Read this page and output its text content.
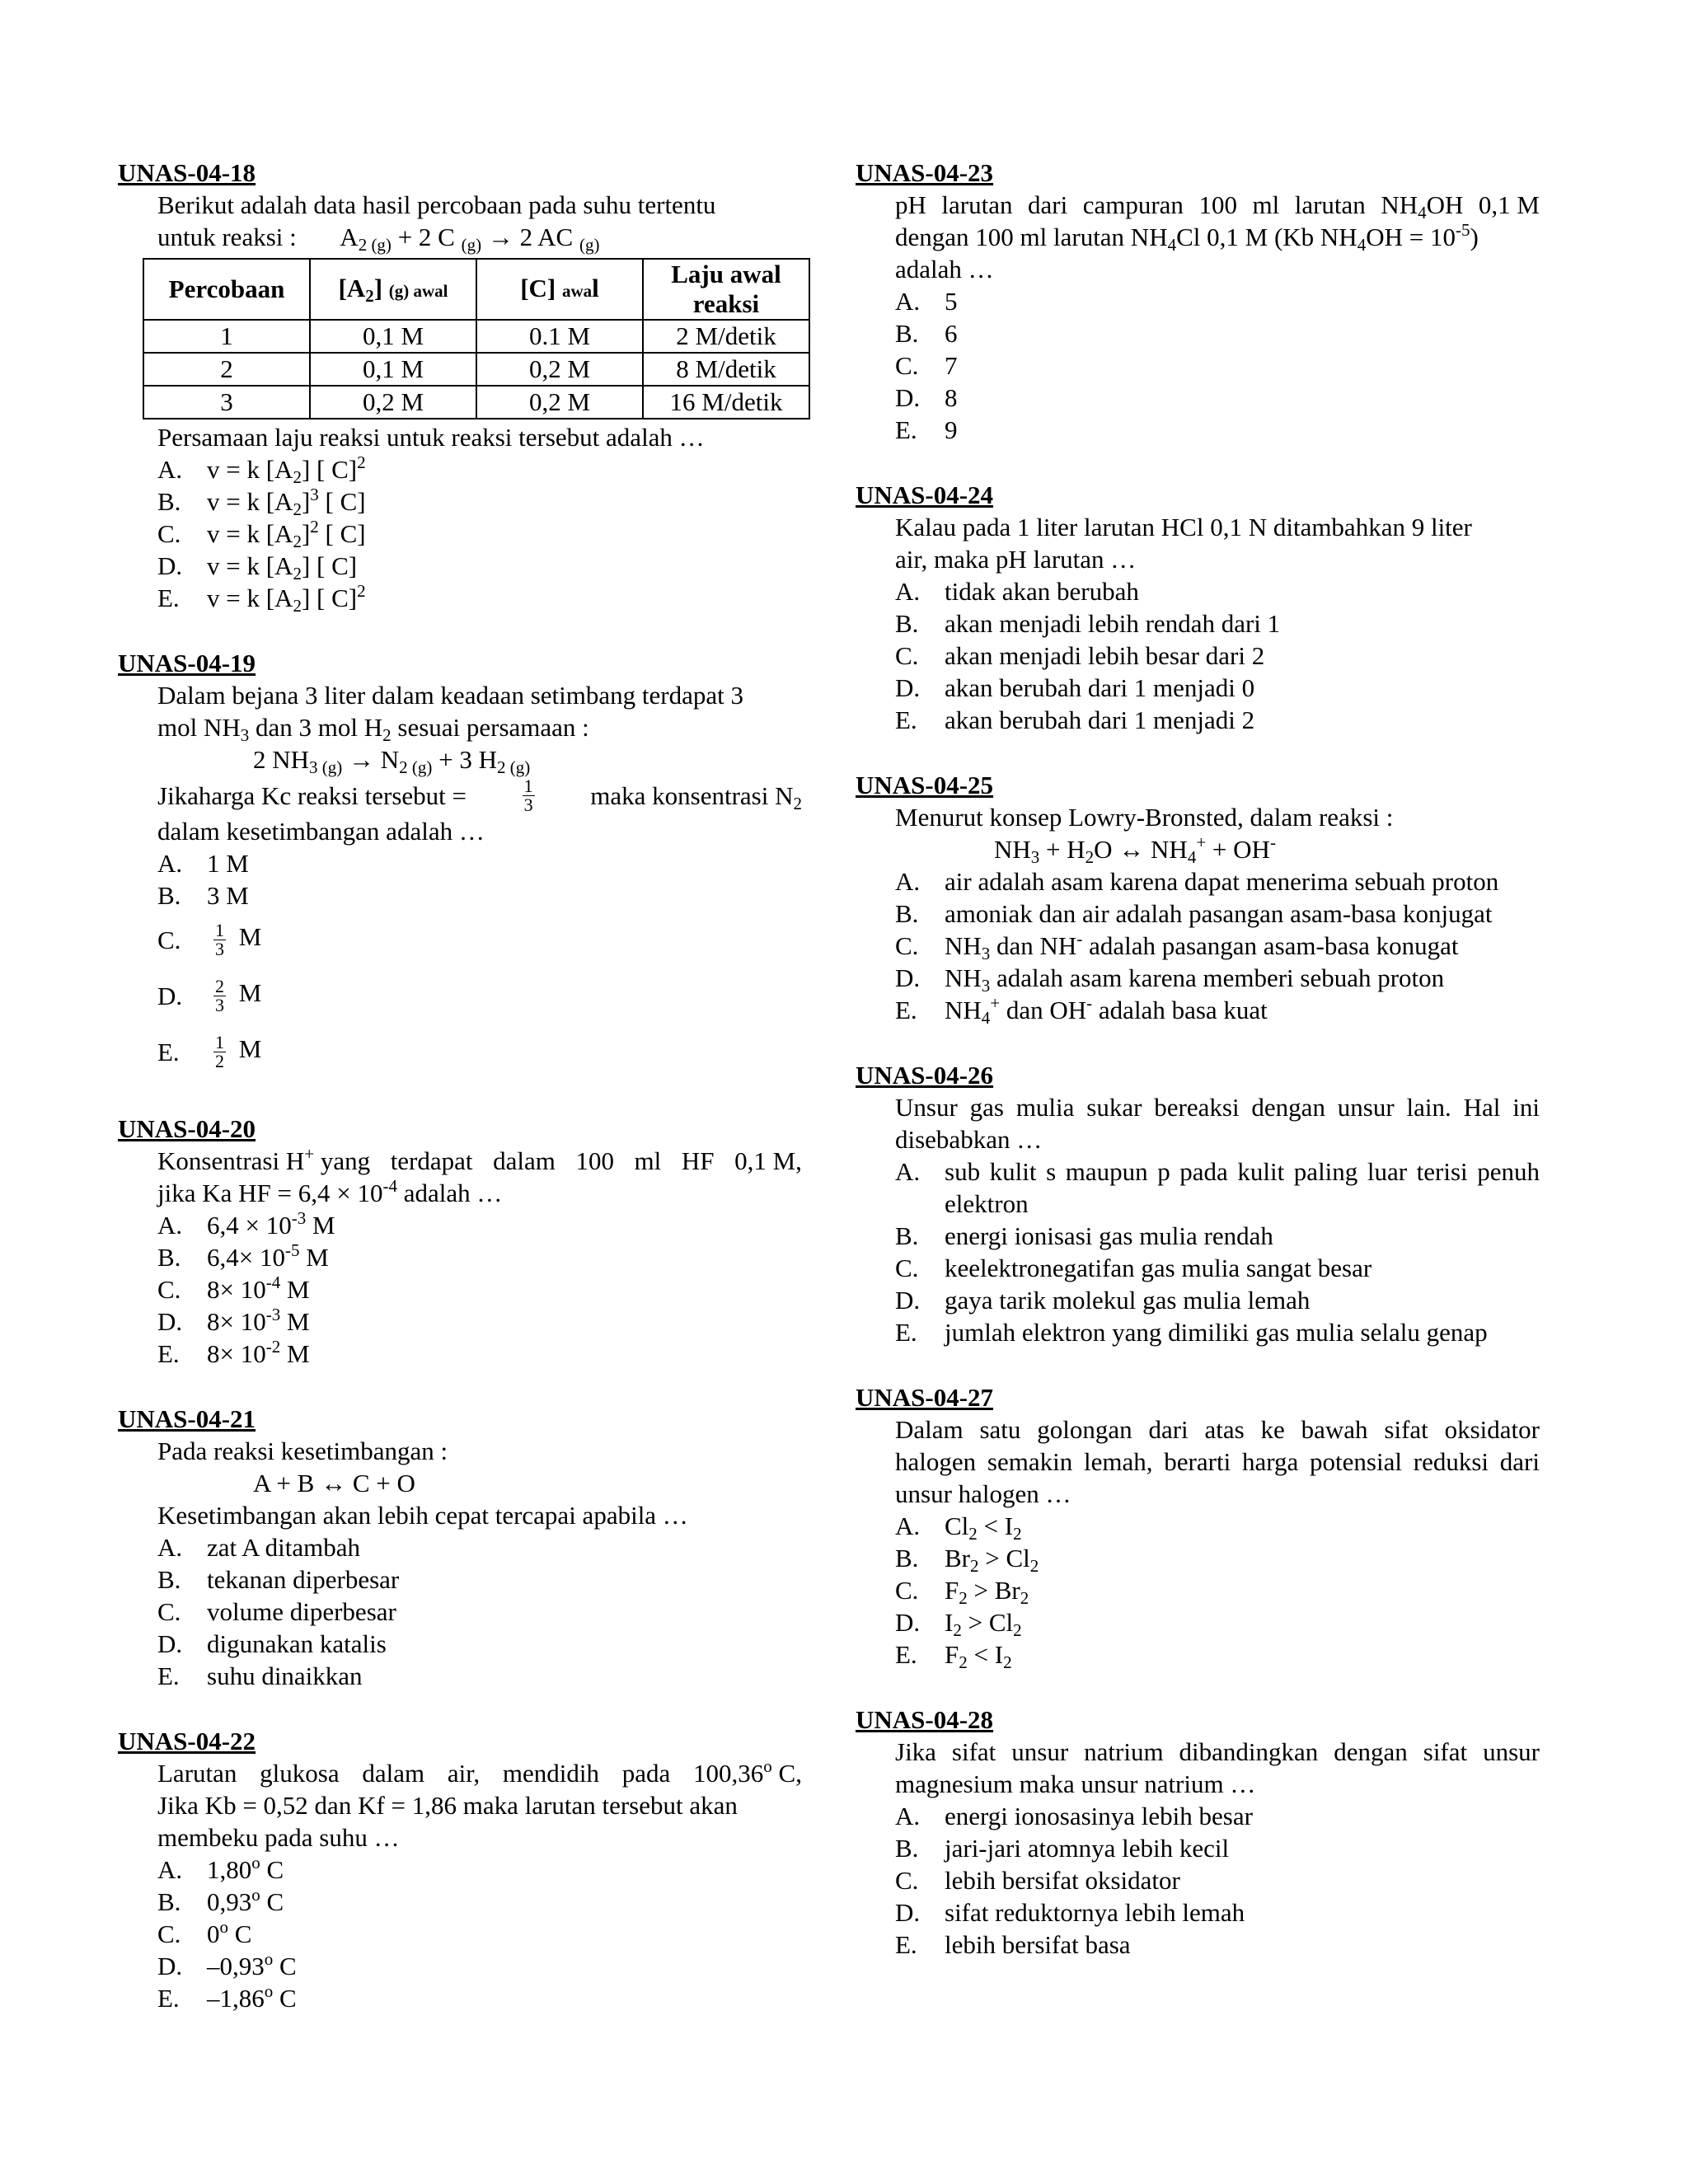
UNAS-04-18
Berikut adalah data hasil percobaan pada suhu tertentu
untuk reaksi :       $A_{2 (g)} + 2$ C $_{(g)}$ → 2 AC $_{(g)}$
Percobaan	$[A_2]$ (g) awal	[C] awal	Laju awal reaksi
1	0,1 M	0.1 M	2 M/detik
2	0,1 M	0,2 M	8 M/detik
3	0,2 M	0,2 M	16 M/detik
Persamaan laju reaksi untuk reaksi tersebut adalah …
A. v = k $[A_2]$ [ C]$^2$
B.	v = k $[A_2]^3$ [ C]
C.	v = k $[A_2]^2$ [ C]
D. v = k $[A_2]$ [ C]
E.	v = k $[A_2]$ [ C]$^2$
UNAS-04-19
Dalam bejana 3 liter dalam keadaan setimbang terdapat 3
mol $NH_3$ dan 3 mol $H_2$ sesuai persamaan :
2 $NH_{3 (g)} \to N_{2 (g)} + 3$ $H_{2 (g)}$
Jikaharga Kc reaksi tersebut =	$\frac{1}{3}$ maka konsentrasi $N_2$
dalam kesetimbangan adalah …
A. 1 M
B.	3 M
C.	$\frac{1}{3}$ M
D.	$\frac{2}{3}$ M
E.	$\frac{1}{2}$ M
UNAS-04-20
Konsentrasi H+ yang terdapat dalam 100 ml HF 0,1 M,
jika Ka HF = $6,4 \times 10^{-4}$ adalah …
A. $6,4 \times 10^{-3}$ M
B.	$6,4\times 10^{-5}$ M
C.	$8\times 10^{-4}$ M
D. $8\times 10^{-3}$ M
E.	$8\times 10^{-2}$ M
UNAS-04-21
Pada reaksi kesetimbangan :
A + B ↔ C + O
Kesetimbangan akan lebih cepat tercapai apabila …
A. zat A ditambah
B.	tekanan diperbesar
C.	volume diperbesar
D. digunakan katalis
E.	suhu dinaikkan
UNAS-04-22
Larutan glukosa dalam air, mendidih pada 100,36$^o$ C,
Jika Kb = 0,52 dan Kf = 1,86 maka larutan tersebut akan
membeku pada suhu …
A. 1,80$^o$ C
B.	0,93$^o$ C
C.	0$^o$ C
D. –0,93$^o$ C
E.	–1,86$^o$ C
UNAS-04-23
pH larutan dari campuran 100 ml larutan $NH_4OH$ 0,1 M
dengan 100 ml larutan $NH_4Cl$ 0,1 M (Kb $NH_4OH = 10^{-5}$)
adalah …
A. 5
B.	6
C.	7
D. 8
E.	9
UNAS-04-24
Kalau pada 1 liter larutan HCl 0,1 N ditambahkan 9 liter
air, maka pH larutan …
A. tidak akan berubah
B.	akan menjadi lebih rendah dari 1
C.	akan menjadi lebih besar dari 2
D. akan berubah dari 1 menjadi 0
E.	akan berubah dari 1 menjadi 2
UNAS-04-25
Menurut konsep Lowry-Bronsted, dalam reaksi :
$NH_3 + H_2O$ ↔ $NH_4^+ + OH^-$
A. air adalah asam karena dapat menerima sebuah proton
B.	amoniak dan air adalah pasangan asam-basa konjugat
C.	$NH_3$ dan NH- adalah pasangan asam-basa konugat
D. $NH_3$ adalah asam karena memberi sebuah proton
E.	$NH_4^+$ dan OH- adalah basa kuat
UNAS-04-26
Unsur gas mulia sukar bereaksi dengan unsur lain. Hal ini disebabkan …
A. sub kulit s maupun p pada kulit paling luar terisi penuh elektron
B.	energi ionisasi gas mulia rendah
C.	keelektronegatifan gas mulia sangat besar
D. gaya tarik molekul gas mulia lemah
E.	jumlah elektron yang dimiliki gas mulia selalu genap
UNAS-04-27
Dalam satu golongan dari atas ke bawah sifat oksidator halogen semakin lemah, berarti harga potensial reduksi dari unsur halogen …
A. $Cl_2 < I_2$
B.	$Br_2 > Cl_2$
C.	$F_2 > Br_2$
D. $I_2 > Cl_2$
E.	$F_2 < I_2$
UNAS-04-28
Jika sifat unsur natrium dibandingkan dengan sifat unsur magnesium maka unsur natrium …
A. energi ionosasinya lebih besar
B.	jari-jari atomnya lebih kecil
C.	lebih bersifat oksidator
D. sifat reduktornya lebih lemah
E.	lebih bersifat basa
